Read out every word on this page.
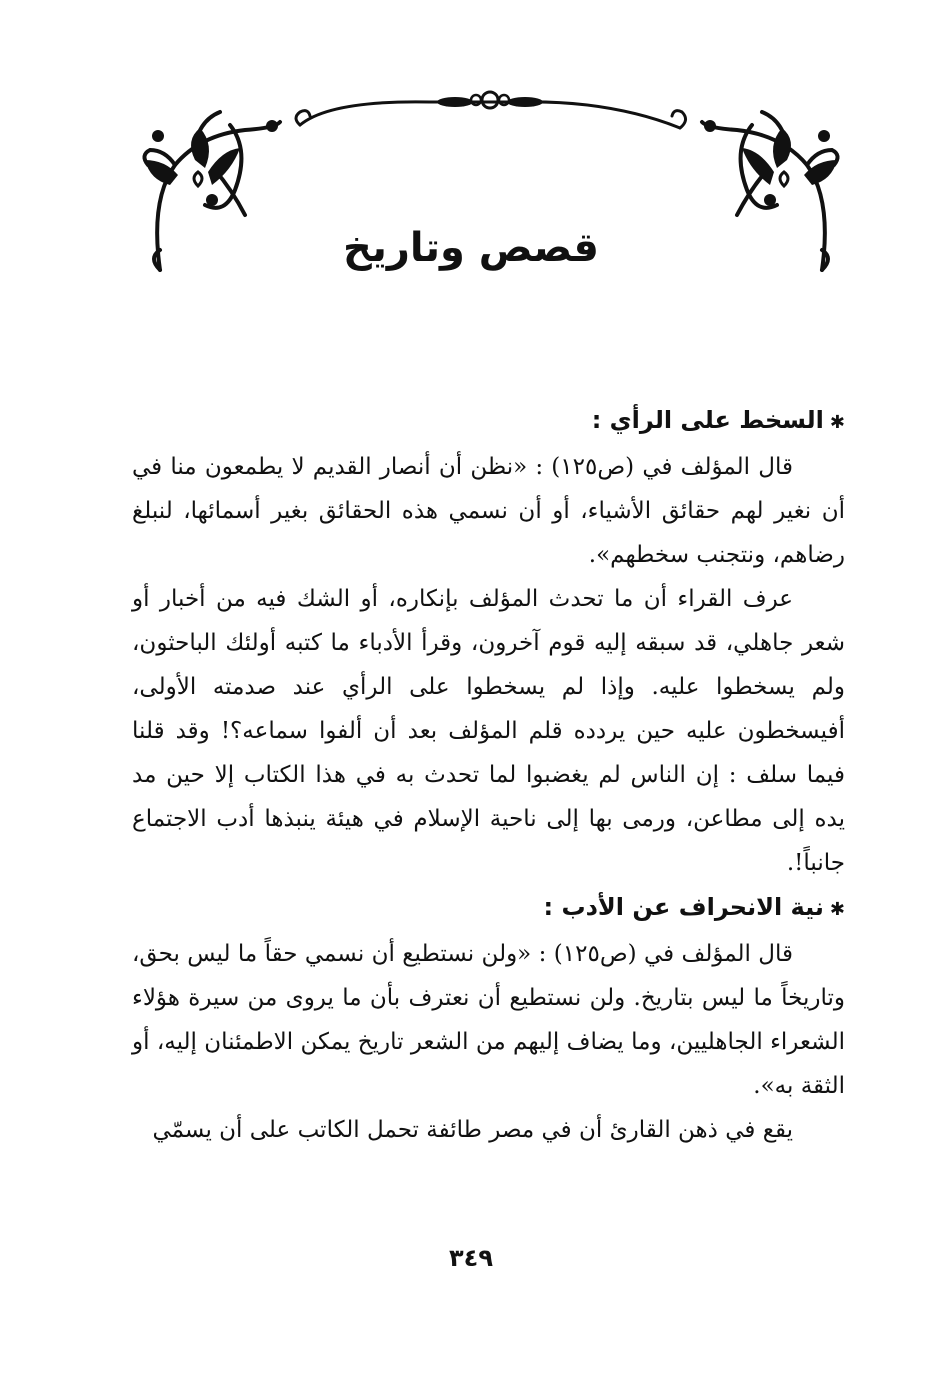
قصص وتاريخ

✱السخط على الرأي :

قال المؤلف في (ص١٢٥) : «نظن أن أنصار القديم لا يطمعون منا في أن نغير لهم حقائق الأشياء، أو أن نسمي هذه الحقائق بغير أسمائها، لنبلغ رضاهم، ونتجنب سخطهم».

عرف القراء أن ما تحدث المؤلف بإنكاره، أو الشك فيه من أخبار أو شعر جاهلي، قد سبقه إليه قوم آخرون، وقرأ الأدباء ما كتبه أولئك الباحثون، ولم يسخطوا عليه. وإذا لم يسخطوا على الرأي عند صدمته الأولى، أفيسخطون عليه حين يردده قلم المؤلف بعد أن ألفوا سماعه؟! وقد قلنا فيما سلف : إن الناس لم يغضبوا لما تحدث به في هذا الكتاب إلا حين مد يده إلى مطاعن، ورمى بها إلى ناحية الإسلام في هيئة ينبذها أدب الاجتماع جانباً!.

✱نية الانحراف عن الأدب :

قال المؤلف في (ص١٢٥) : «ولن نستطيع أن نسمي حقاً ما ليس بحق، وتاريخاً ما ليس بتاريخ. ولن نستطيع أن نعترف بأن ما يروى من سيرة هؤلاء الشعراء الجاهليين، وما يضاف إليهم من الشعر تاريخ يمكن الاطمئنان إليه، أو الثقة به».

يقع في ذهن القارئ أن في مصر طائفة تحمل الكاتب على أن يسمّي

٣٤٩
